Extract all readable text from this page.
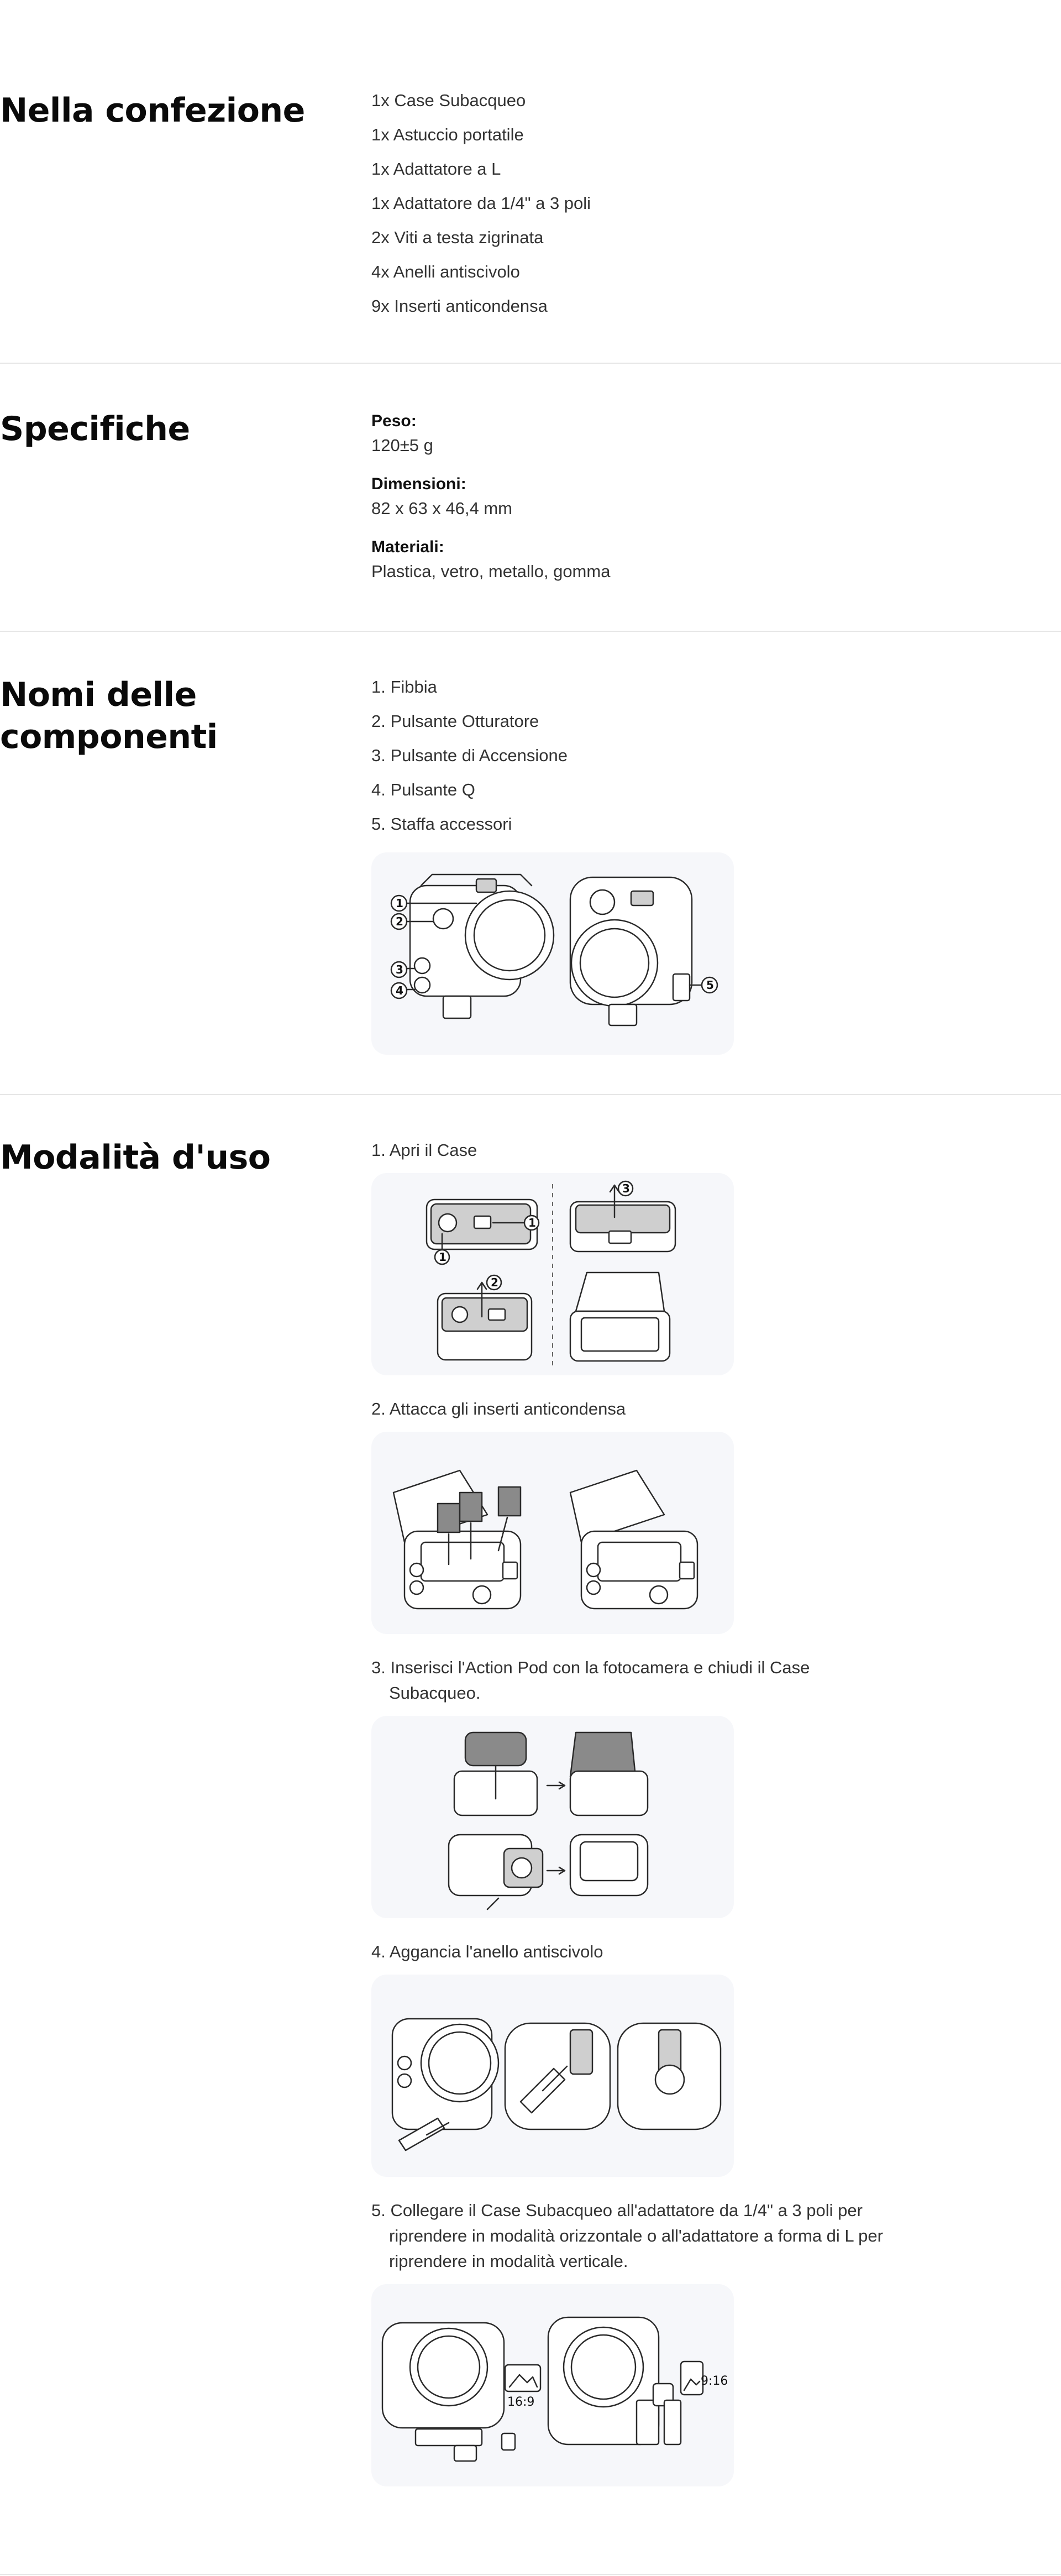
Nella confezione	1x Case Subacqueo
1x Astuccio portatile
1x Adattatore a L
1x Adattatore da 1/4" a 3 poli
2x Viti a testa zigrinata
4x Anelli antiscivolo
9x Inserti anticondensa
Specifiche	Peso:
120±5 g
Dimensioni:
82 x 63 x 46,4 mm
Materiali:
Plastica, vetro, metallo, gomma
Nomi delle
componenti
1. Fibbia
2. Pulsante Otturatore
3. Pulsante di Accensione
4. Pulsante Q
5. Staffa accessori
1
2
3
4	5
Modalità d'uso	1. Apri il Case
1
1
3
2
2. Attacca gli inserti anticondensa
3. Inserisci l'Action Pod con la fotocamera e chiudi il Case Subacqueo.
4. Aggancia l'anello antiscivolo
5. Collegare il Case Subacqueo all'adattatore da 1/4" a 3 poli per riprendere in modalità orizzontale o all'adattatore a forma di L per riprendere in modalità verticale.
16:9
9:16
